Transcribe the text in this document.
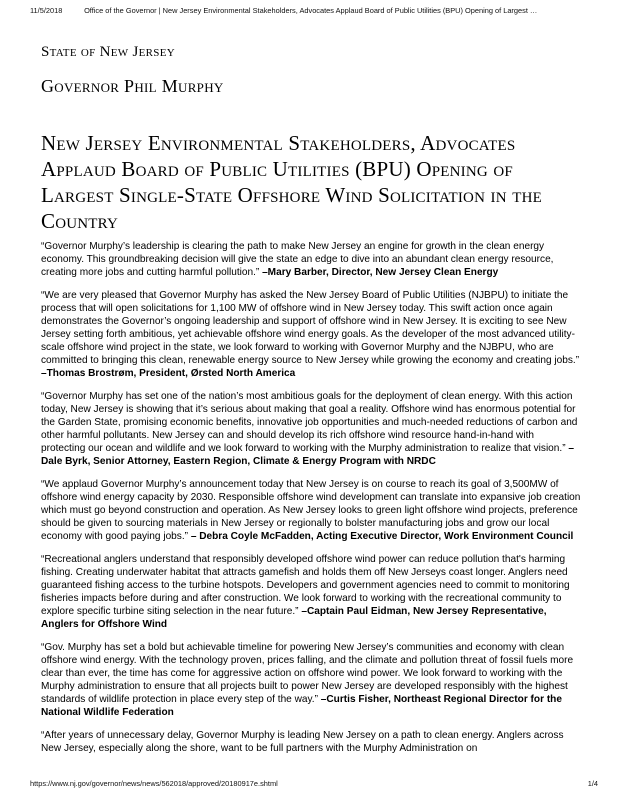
11/5/2018	Office of the Governor | New Jersey Environmental Stakeholders, Advocates Applaud Board of Public Utilities (BPU) Opening of Largest …
State of New Jersey
Governor Phil Murphy
New Jersey Environmental Stakeholders, Advocates Applaud Board of Public Utilities (BPU) Opening of Largest Single-State Offshore Wind Solicitation in the Country

“Governor Murphy’s leadership is clearing the path to make New Jersey an engine for growth in the clean energy economy. This groundbreaking decision will give the state an edge to dive into an abundant clean energy resource, creating more jobs and cutting harmful pollution.” –Mary Barber, Director, New Jersey Clean Energy

“We are very pleased that Governor Murphy has asked the New Jersey Board of Public Utilities (NJBPU) to initiate the process that will open solicitations for 1,100 MW of offshore wind in New Jersey today. This swift action once again demonstrates the Governor’s ongoing leadership and support of offshore wind in New Jersey. It is exciting to see New Jersey setting forth ambitious, yet achievable offshore wind energy goals. As the developer of the most advanced utility-scale offshore wind project in the state, we look forward to working with Governor Murphy and the NJBPU, who are committed to bringing this clean, renewable energy source to New Jersey while growing the economy and creating jobs.” –Thomas Brostrøm, President, Ørsted North America

“Governor Murphy has set one of the nation’s most ambitious goals for the deployment of clean energy. With this action today, New Jersey is showing that it’s serious about making that goal a reality. Offshore wind has enormous potential for the Garden State, promising economic benefits, innovative job opportunities and much-needed reductions of carbon and other harmful pollutants. New Jersey can and should develop its rich offshore wind resource hand-in-hand with protecting our ocean and wildlife and we look forward to working with the Murphy administration to realize that vision.” – Dale Byrk, Senior Attorney, Eastern Region, Climate & Energy Program with NRDC

“We applaud Governor Murphy’s announcement today that New Jersey is on course to reach its goal of 3,500MW of offshore wind energy capacity by 2030. Responsible offshore wind development can translate into expansive job creation which must go beyond construction and operation. As New Jersey looks to green light offshore wind projects, preference should be given to sourcing materials in New Jersey or regionally to bolster manufacturing jobs and grow our local economy with good paying jobs.” – Debra Coyle McFadden, Acting Executive Director, Work Environment Council

“Recreational anglers understand that responsibly developed offshore wind power can reduce pollution that's harming fishing. Creating underwater habitat that attracts gamefish and holds them off New Jerseys coast longer. Anglers need guaranteed fishing access to the turbine hotspots. Developers and government agencies need to commit to monitoring fisheries impacts before during and after construction. We look forward to working with the recreational community to explore specific turbine siting selection in the near future.” –Captain Paul Eidman, New Jersey Representative, Anglers for Offshore Wind

“Gov. Murphy has set a bold but achievable timeline for powering New Jersey’s communities and economy with clean offshore wind energy. With the technology proven, prices falling, and the climate and pollution threat of fossil fuels more clear than ever, the time has come for aggressive action on offshore wind power. We look forward to working with the Murphy administration to ensure that all projects built to power New Jersey are developed responsibly with the highest standards of wildlife protection in place every step of the way.” –Curtis Fisher, Northeast Regional Director for the National Wildlife Federation

“After years of unnecessary delay, Governor Murphy is leading New Jersey on a path to clean energy. Anglers across New Jersey, especially along the shore, want to be full partners with the Murphy Administration on

https://www.nj.gov/governor/news/news/562018/approved/20180917e.shtml	1/4
